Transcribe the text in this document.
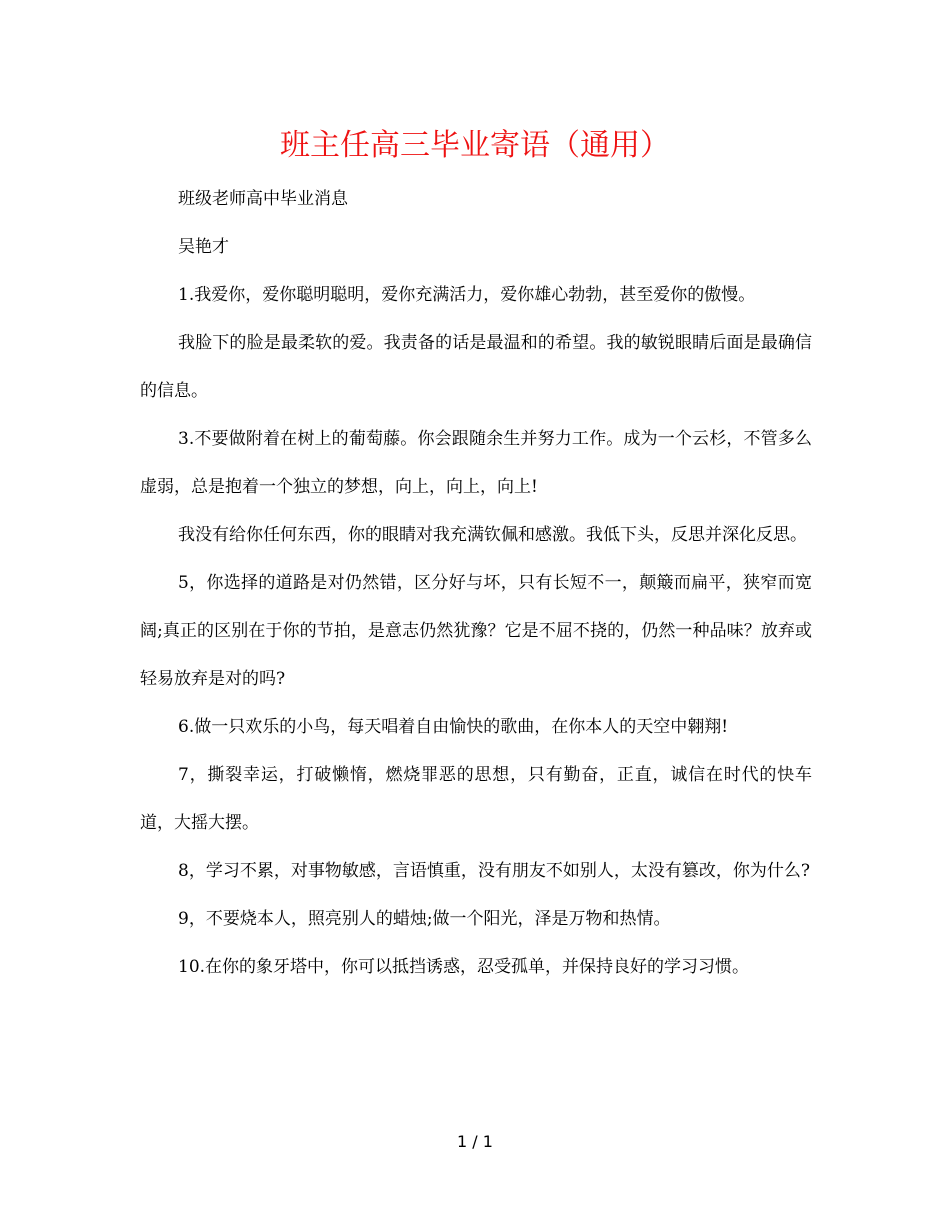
班主任高三毕业寄语（通用）

班级老师高中毕业消息

吴艳才

1.我爱你，爱你聪明聪明，爱你充满活力，爱你雄心勃勃，甚至爱你的傲慢。

我脸下的脸是最柔软的爱。我责备的话是最温和的希望。我的敏锐眼睛后面是最确信的信息。

3.不要做附着在树上的葡萄藤。你会跟随余生并努力工作。成为一个云杉，不管多么虚弱，总是抱着一个独立的梦想，向上，向上，向上!

我没有给你任何东西，你的眼睛对我充满钦佩和感激。我低下头，反思并深化反思。

5，你选择的道路是对仍然错，区分好与坏，只有长短不一，颠簸而扁平，狭窄而宽阔;真正的区别在于你的节拍，是意志仍然犹豫？它是不屈不挠的，仍然一种品味？放弃或轻易放弃是对的吗?

6.做一只欢乐的小鸟，每天唱着自由愉快的歌曲，在你本人的天空中翱翔!

7，撕裂幸运，打破懒惰，燃烧罪恶的思想，只有勤奋，正直，诚信在时代的快车道，大摇大摆。

8，学习不累，对事物敏感，言语慎重，没有朋友不如别人，太没有篡改，你为什么?

9，不要烧本人，照亮别人的蜡烛;做一个阳光，泽是万物和热情。

10.在你的象牙塔中，你可以抵挡诱惑，忍受孤单，并保持良好的学习习惯。

1 / 1
